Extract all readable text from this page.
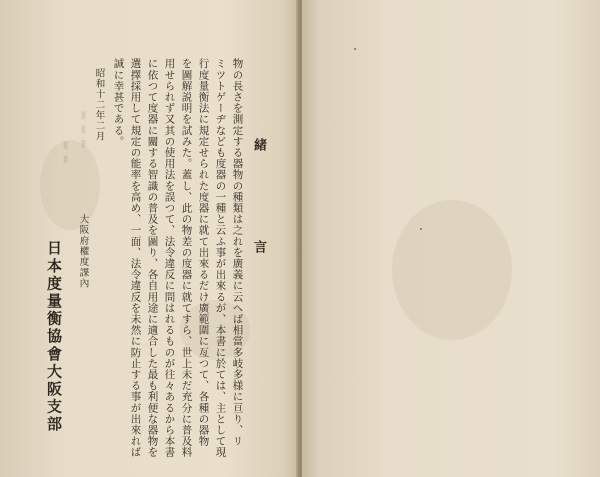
▮ ▮ ▮
▮ ▮	緒　言
物の長さを測定する器物の種類は之れを廣義に云へば相當多岐多様に亘り、リ
ミツトゲーヂなども度器の一種と云ふ事が出來るが、本書に於ては、主として現
行度量衡法に規定せられた度器に就て出來るだけ廣範圍に亙つて、各種の器物
を圖解説明を試みた。蓋し、此の物差の度器に就てすら、世上未だ充分に普及料
用せられず又其の使用法を誤つて、法令違反に問はれるものが往々あるから本書
に依つて度器に關する智識の普及を圖り、各自用途に適合した最も利便な器物を
選擇採用して規定の能率を高め、一面、法令違反を未然に防止する事が出來れば
誠に幸甚である。
昭和十二年二月
大阪府權度課內
日本度量衡協會大阪支部
